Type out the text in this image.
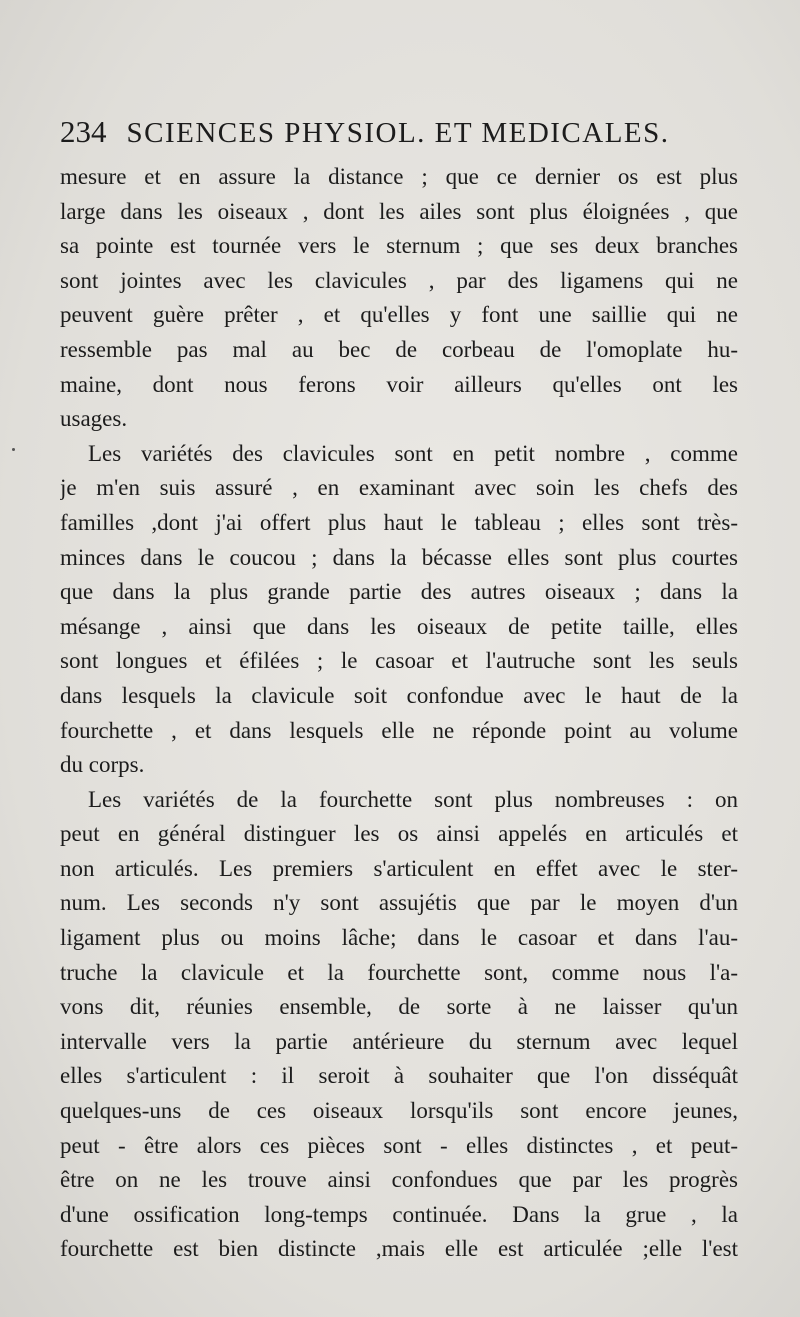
234 SCIENCES PHYSIOL. ET MEDICALES.
mesure et en assure la distance ; que ce dernier os est plus
large dans les oiseaux , dont les ailes sont plus éloignées , que
sa pointe est tournée vers le sternum ; que ses deux branches
sont jointes avec les clavicules , par des ligamens qui ne
peuvent guère prêter , et qu'elles y font une saillie qui ne
ressemble pas mal au bec de corbeau de l'omoplate hu-
maine, dont nous ferons voir ailleurs qu'elles ont les
usages.
Les variétés des clavicules sont en petit nombre , comme
je m'en suis assuré , en examinant avec soin les chefs des
familles ,dont j'ai offert plus haut le tableau ; elles sont très-
minces dans le coucou ; dans la bécasse elles sont plus courtes
que dans la plus grande partie des autres oiseaux ; dans la
mésange , ainsi que dans les oiseaux de petite taille, elles
sont longues et éfilées ; le casoar et l'autruche sont les seuls
dans lesquels la clavicule soit confondue avec le haut de la
fourchette , et dans lesquels elle ne réponde point au volume
du corps.
Les variétés de la fourchette sont plus nombreuses : on
peut en général distinguer les os ainsi appelés en articulés et
non articulés. Les premiers s'articulent en effet avec le ster-
num. Les seconds n'y sont assujétis que par le moyen d'un
ligament plus ou moins lâche; dans le casoar et dans l'au-
truche la clavicule et la fourchette sont, comme nous l'a-
vons dit, réunies ensemble, de sorte à ne laisser qu'un
intervalle vers la partie antérieure du sternum avec lequel
elles s'articulent : il seroit à souhaiter que l'on disséquât
quelques-uns de ces oiseaux lorsqu'ils sont encore jeunes,
peut - être alors ces pièces sont - elles distinctes , et peut-
être on ne les trouve ainsi confondues que par les progrès
d'une ossification long-temps continuée. Dans la grue , la
fourchette est bien distincte ,mais elle est articulée ;elle l'est
